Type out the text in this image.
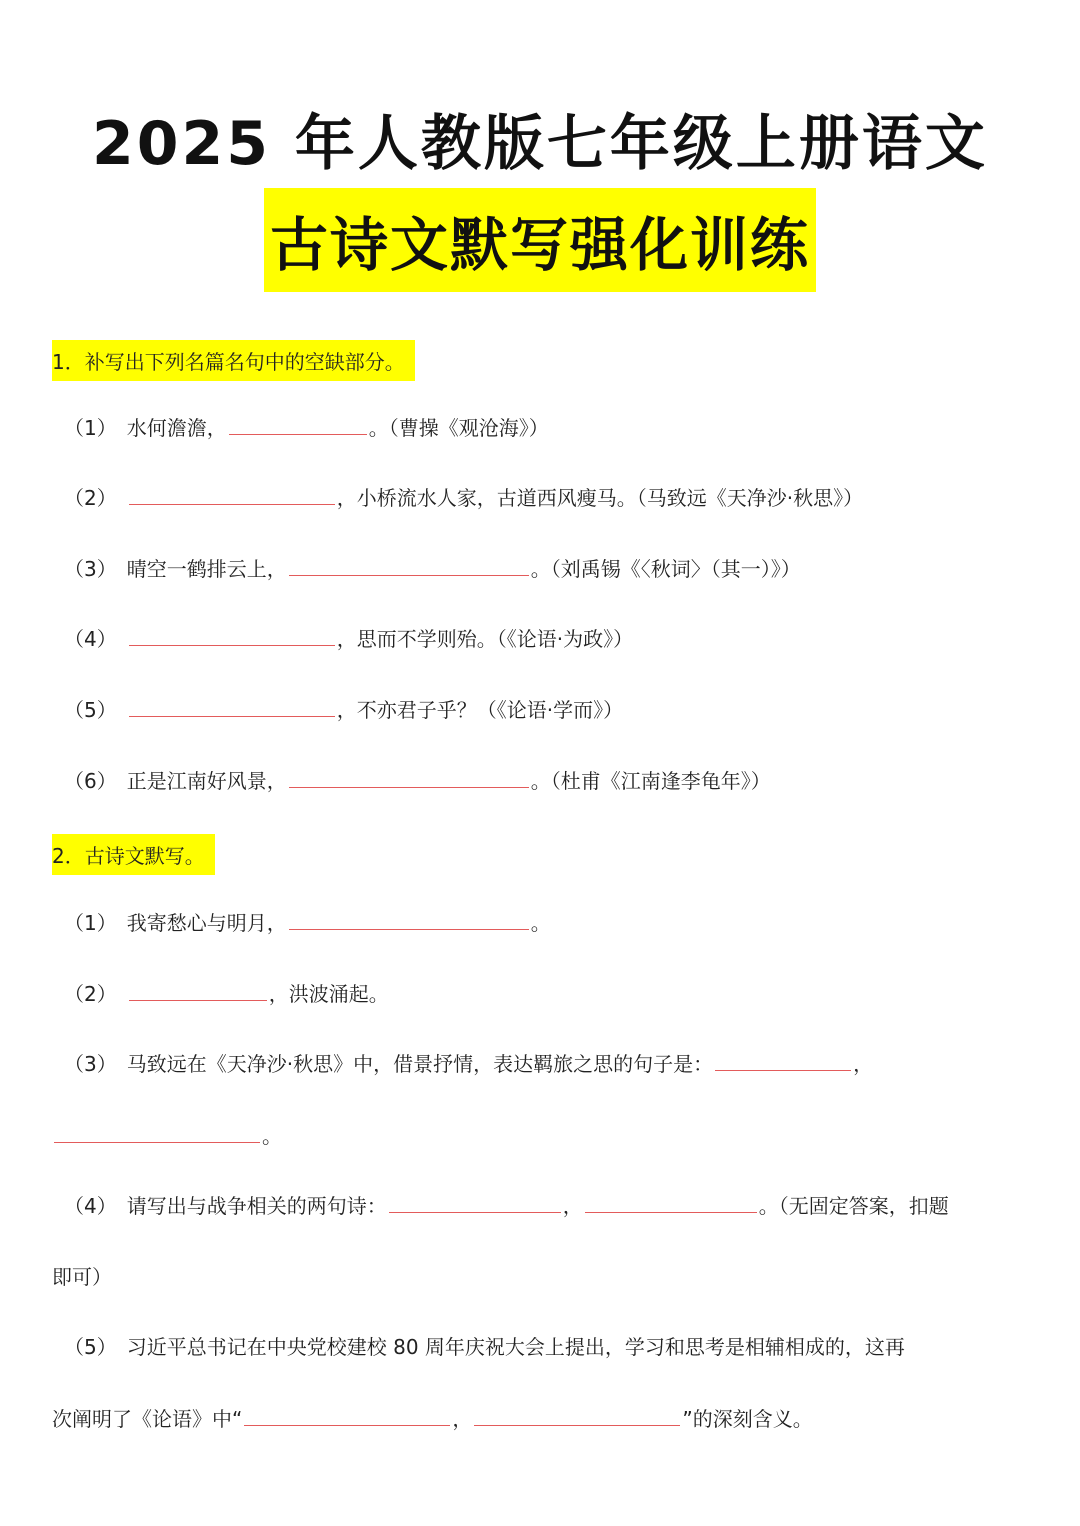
2025 年人教版七年级上册语文
古诗文默写强化训练
1．补写出下列名篇名句中的空缺部分。
（1） 水何澹澹，	。（曹操《观沧海》）
（2）	，小桥流水人家，古道西风瘦马。（马致远《天净沙·秋思》）
（3） 晴空一鹤排云上，	。（刘禹锡《〈秋词〉（其一）》）
（4）	，思而不学则殆。（《论语·为政》）
（5）	，不亦君子乎？（《论语·学而》）
（6） 正是江南好风景，	。（杜甫《江南逢李龟年》）
2．古诗文默写。
（1） 我寄愁心与明月，	。
（2）	，洪波涌起。
（3） 马致远在《天净沙·秋思》中，借景抒情，表达羁旅之思的句子是：	，
。
（4） 请写出与战争相关的两句诗：	，	。（无固定答案，扣题
即可）
（5） 习近平总书记在中央党校建校 80 周年庆祝大会上提出，学习和思考是相辅相成的，这再
次阐明了《论语》中“	，	”的深刻含义。
